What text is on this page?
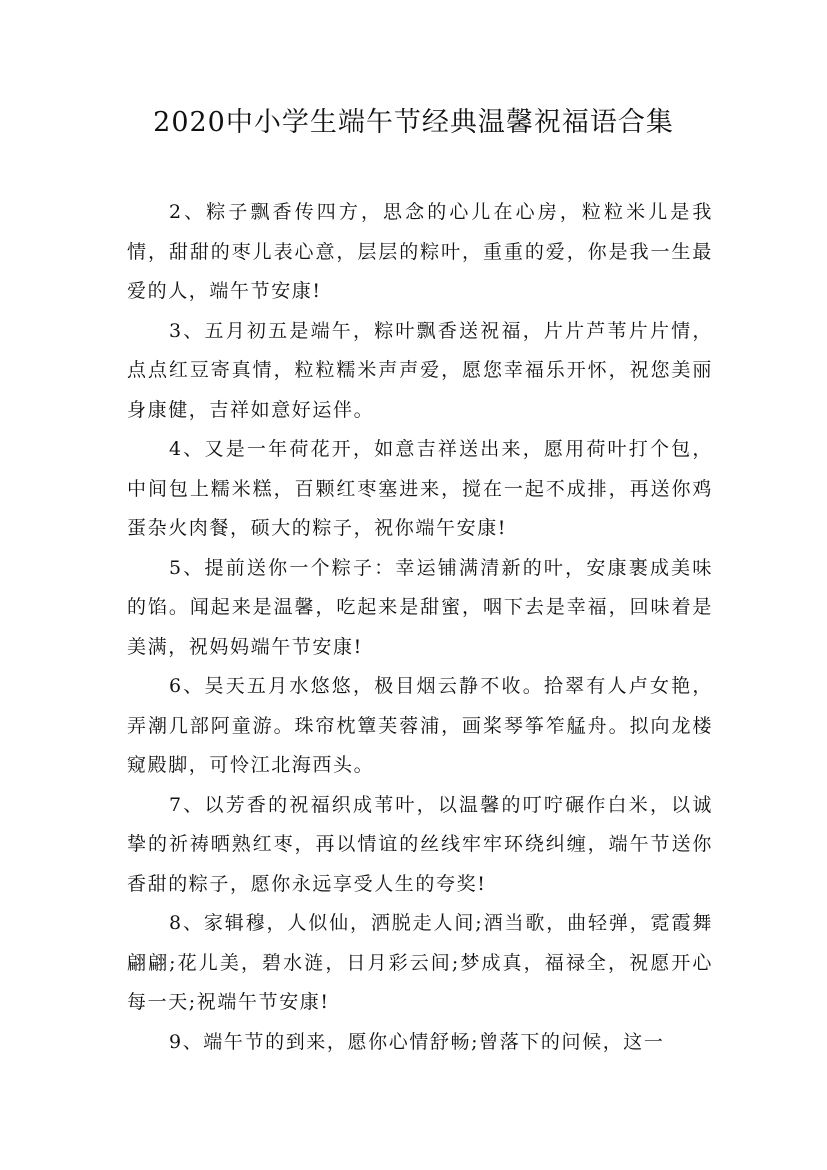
2020中小学生端午节经典温馨祝福语合集

2、粽子飘香传四方，思念的心儿在心房，粒粒米儿是我情，甜甜的枣儿表心意，层层的粽叶，重重的爱，你是我一生最爱的人，端午节安康!

3、五月初五是端午，粽叶飘香送祝福，片片芦苇片片情，点点红豆寄真情，粒粒糯米声声爱，愿您幸福乐开怀，祝您美丽身康健，吉祥如意好运伴。

4、又是一年荷花开，如意吉祥送出来，愿用荷叶打个包，中间包上糯米糕，百颗红枣塞进来，搅在一起不成排，再送你鸡蛋杂火肉餐，硕大的粽子，祝你端午安康!

5、提前送你一个粽子：幸运铺满清新的叶，安康裹成美味的馅。闻起来是温馨，吃起来是甜蜜，咽下去是幸福，回味着是美满，祝妈妈端午节安康!

6、吴天五月水悠悠，极目烟云静不收。拾翠有人卢女艳，弄潮几部阿童游。珠帘枕簟芙蓉浦，画桨琴筝笮艋舟。拟向龙楼窥殿脚，可怜江北海西头。

7、以芳香的祝福织成苇叶，以温馨的叮咛碾作白米，以诚挚的祈祷晒熟红枣，再以情谊的丝线牢牢环绕纠缠，端午节送你香甜的粽子，愿你永远享受人生的夸奖!

8、家辑穆，人似仙，洒脱走人间;酒当歌，曲轻弹，霓霞舞翩翩;花儿美，碧水涟，日月彩云间;梦成真，福禄全，祝愿开心每一天;祝端午节安康!

9、端午节的到来，愿你心情舒畅;曾落下的问候，这一
